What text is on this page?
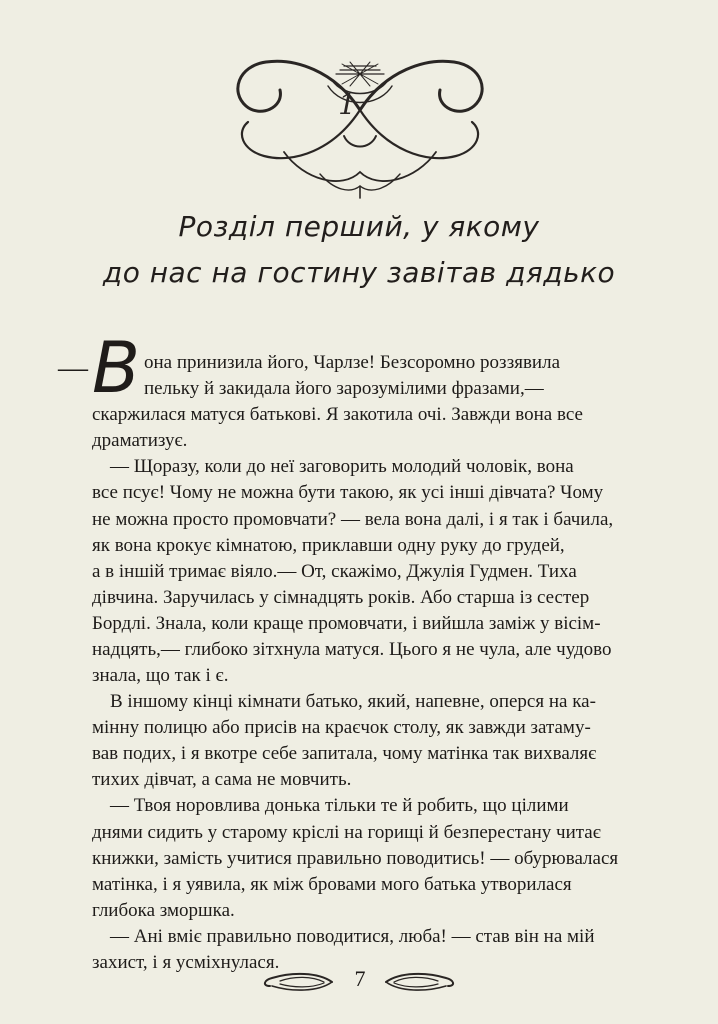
1
Розділ перший, у якому
до нас на гостину завітав дядько
— В она принизила його, Чарлзе! Безсоромно роззявила
пельку й закидала його зарозумілими фразами,—
скаржилася матуся батькові. Я закотила очі. Завжди вона все
драматизує.
— Щоразу, коли до неї заговорить молодий чоловік, вона
все псує! Чому не можна бути такою, як усі інші дівчата? Чому
не можна просто промовчати? — вела вона далі, і я так і бачила,
як вона крокує кімнатою, приклавши одну руку до грудей,
а в іншій тримає віяло.— От, скажімо, Джулія Гудмен. Тиха
дівчина. Заручилась у сімнадцять років. Або старша із сестер
Бордлі. Знала, коли краще промовчати, і вийшла заміж у вісім-
надцять,— глибоко зітхнула матуся. Цього я не чула, але чудово
знала, що так і є.
В іншому кінці кімнати батько, який, напевне, оперся на ка-
мінну полицю або присів на краєчок столу, як завжди затаму-
вав подих, і я вкотре себе запитала, чому матінка так вихваляє
тихих дівчат, а сама не мовчить.
— Твоя норовлива донька тільки те й робить, що цілими
днями сидить у старому кріслі на горищі й безперестану читає
книжки, замість учитися правильно поводитись! — обурювалася
матінка, і я уявила, як між бровами мого батька утворилася
глибока зморшка.
— Ані вміє правильно поводитися, люба! — став він на мій
захист, і я усміхнулася.
7
